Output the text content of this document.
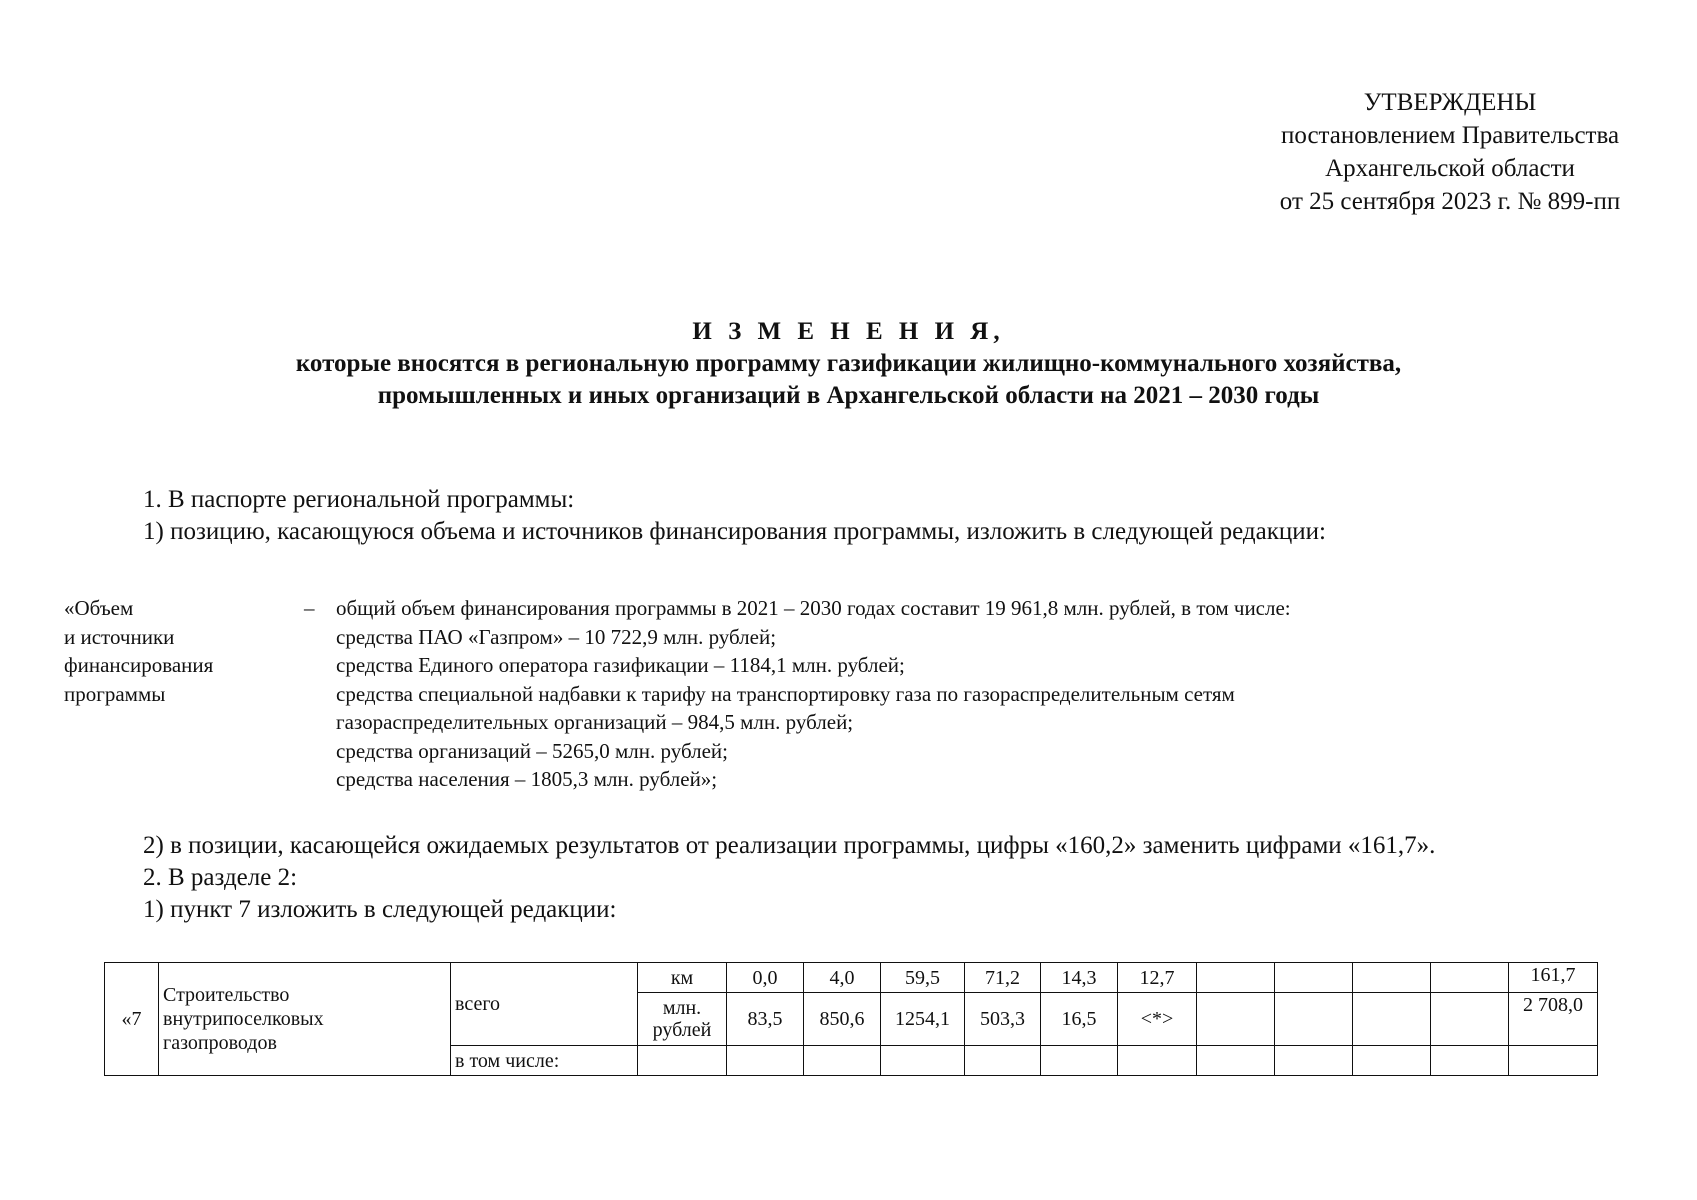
УТВЕРЖДЕНЫ
постановлением Правительства
Архангельской области
от 25 сентября 2023 г. № 899-пп
И З М Е Н Е Н И Я,
которые вносятся в региональную программу газификации жилищно-коммунального хозяйства,
промышленных и иных организаций в Архангельской области на 2021 – 2030 годы
1. В паспорте региональной программы:
1) позицию, касающуюся объема и источников финансирования программы, изложить в следующей редакции:
«Объем
и источники
финансирования
программы
– общий объем финансирования программы в 2021 – 2030 годах составит 19 961,8 млн. рублей, в том числе:
средства ПАО «Газпром» – 10 722,9 млн. рублей;
средства Единого оператора газификации – 1184,1 млн. рублей;
средства специальной надбавки к тарифу на транспортировку газа по газораспределительным сетям
газораспределительных организаций – 984,5 млн. рублей;
средства организаций – 5265,0 млн. рублей;
средства населения – 1805,3 млн. рублей»;
2) в позиции, касающейся ожидаемых результатов от реализации программы, цифры «160,2» заменить цифрами «161,7».
2. В разделе 2:
1) пункт 7 изложить в следующей редакции:
«7	Строительство
внутрипоселковых
газопроводов	всего	км	0,0	4,0	59,5	71,2	14,3	12,7					161,7
			млн. рублей	83,5	850,6	1254,1	503,3	16,5	<*>					2 708,0
		в том числе:												
